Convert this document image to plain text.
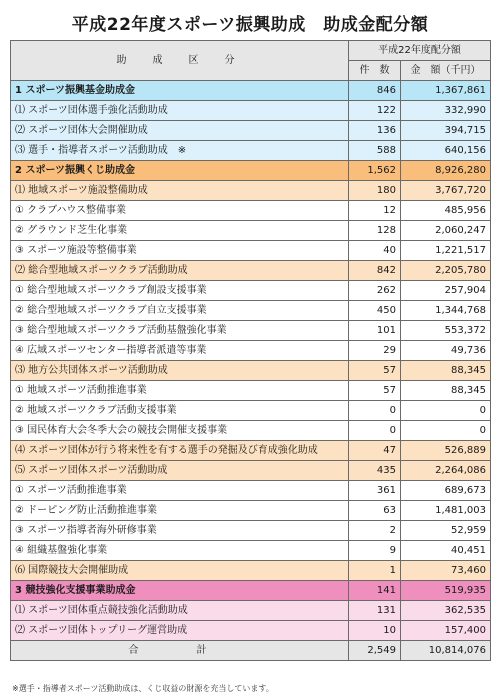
平成22年度スポーツ振興助成　助成金配分額
助　成　区　分	平成22年度配分額	
	件　数	金　額（千円）
1 スポーツ振興基金助成金	846	1,367,861
⑴ スポーツ団体選手強化活動助成	122	332,990
⑵ スポーツ団体大会開催助成	136	394,715
⑶ 選手・指導者スポーツ活動助成　※	588	640,156
2 スポーツ振興くじ助成金	1,562	8,926,280
⑴ 地域スポーツ施設整備助成	180	3,767,720
① クラブハウス整備事業	12	485,956
② グラウンド芝生化事業	128	2,060,247
③ スポーツ施設等整備事業	40	1,221,517
⑵ 総合型地域スポーツクラブ活動助成	842	2,205,780
① 総合型地域スポーツクラブ創設支援事業	262	257,904
② 総合型地域スポーツクラブ自立支援事業	450	1,344,768
③ 総合型地域スポーツクラブ活動基盤強化事業	101	553,372
④ 広域スポーツセンター指導者派遣等事業	29	49,736
⑶ 地方公共団体スポーツ活動助成	57	88,345
① 地域スポーツ活動推進事業	57	88,345
② 地域スポーツクラブ活動支援事業	0	0
③ 国民体育大会冬季大会の競技会開催支援事業	0	0
⑷ スポーツ団体が行う将来性を有する選手の発掘及び育成強化助成	47	526,889
⑸ スポーツ団体スポーツ活動助成	435	2,264,086
① スポーツ活動推進事業	361	689,673
② ドーピング防止活動推進事業	63	1,481,003
③ スポーツ指導者海外研修事業	2	52,959
④ 組織基盤強化事業	9	40,451
⑹ 国際競技大会開催助成	1	73,460
3 競技強化支援事業助成金	141	519,935
⑴ スポーツ団体重点競技強化活動助成	131	362,535
⑵ スポーツ団体トップリーグ運営助成	10	157,400
合　計	2,549	10,814,076
※選手・指導者スポーツ活動助成は、くじ収益の財源を充当しています。
